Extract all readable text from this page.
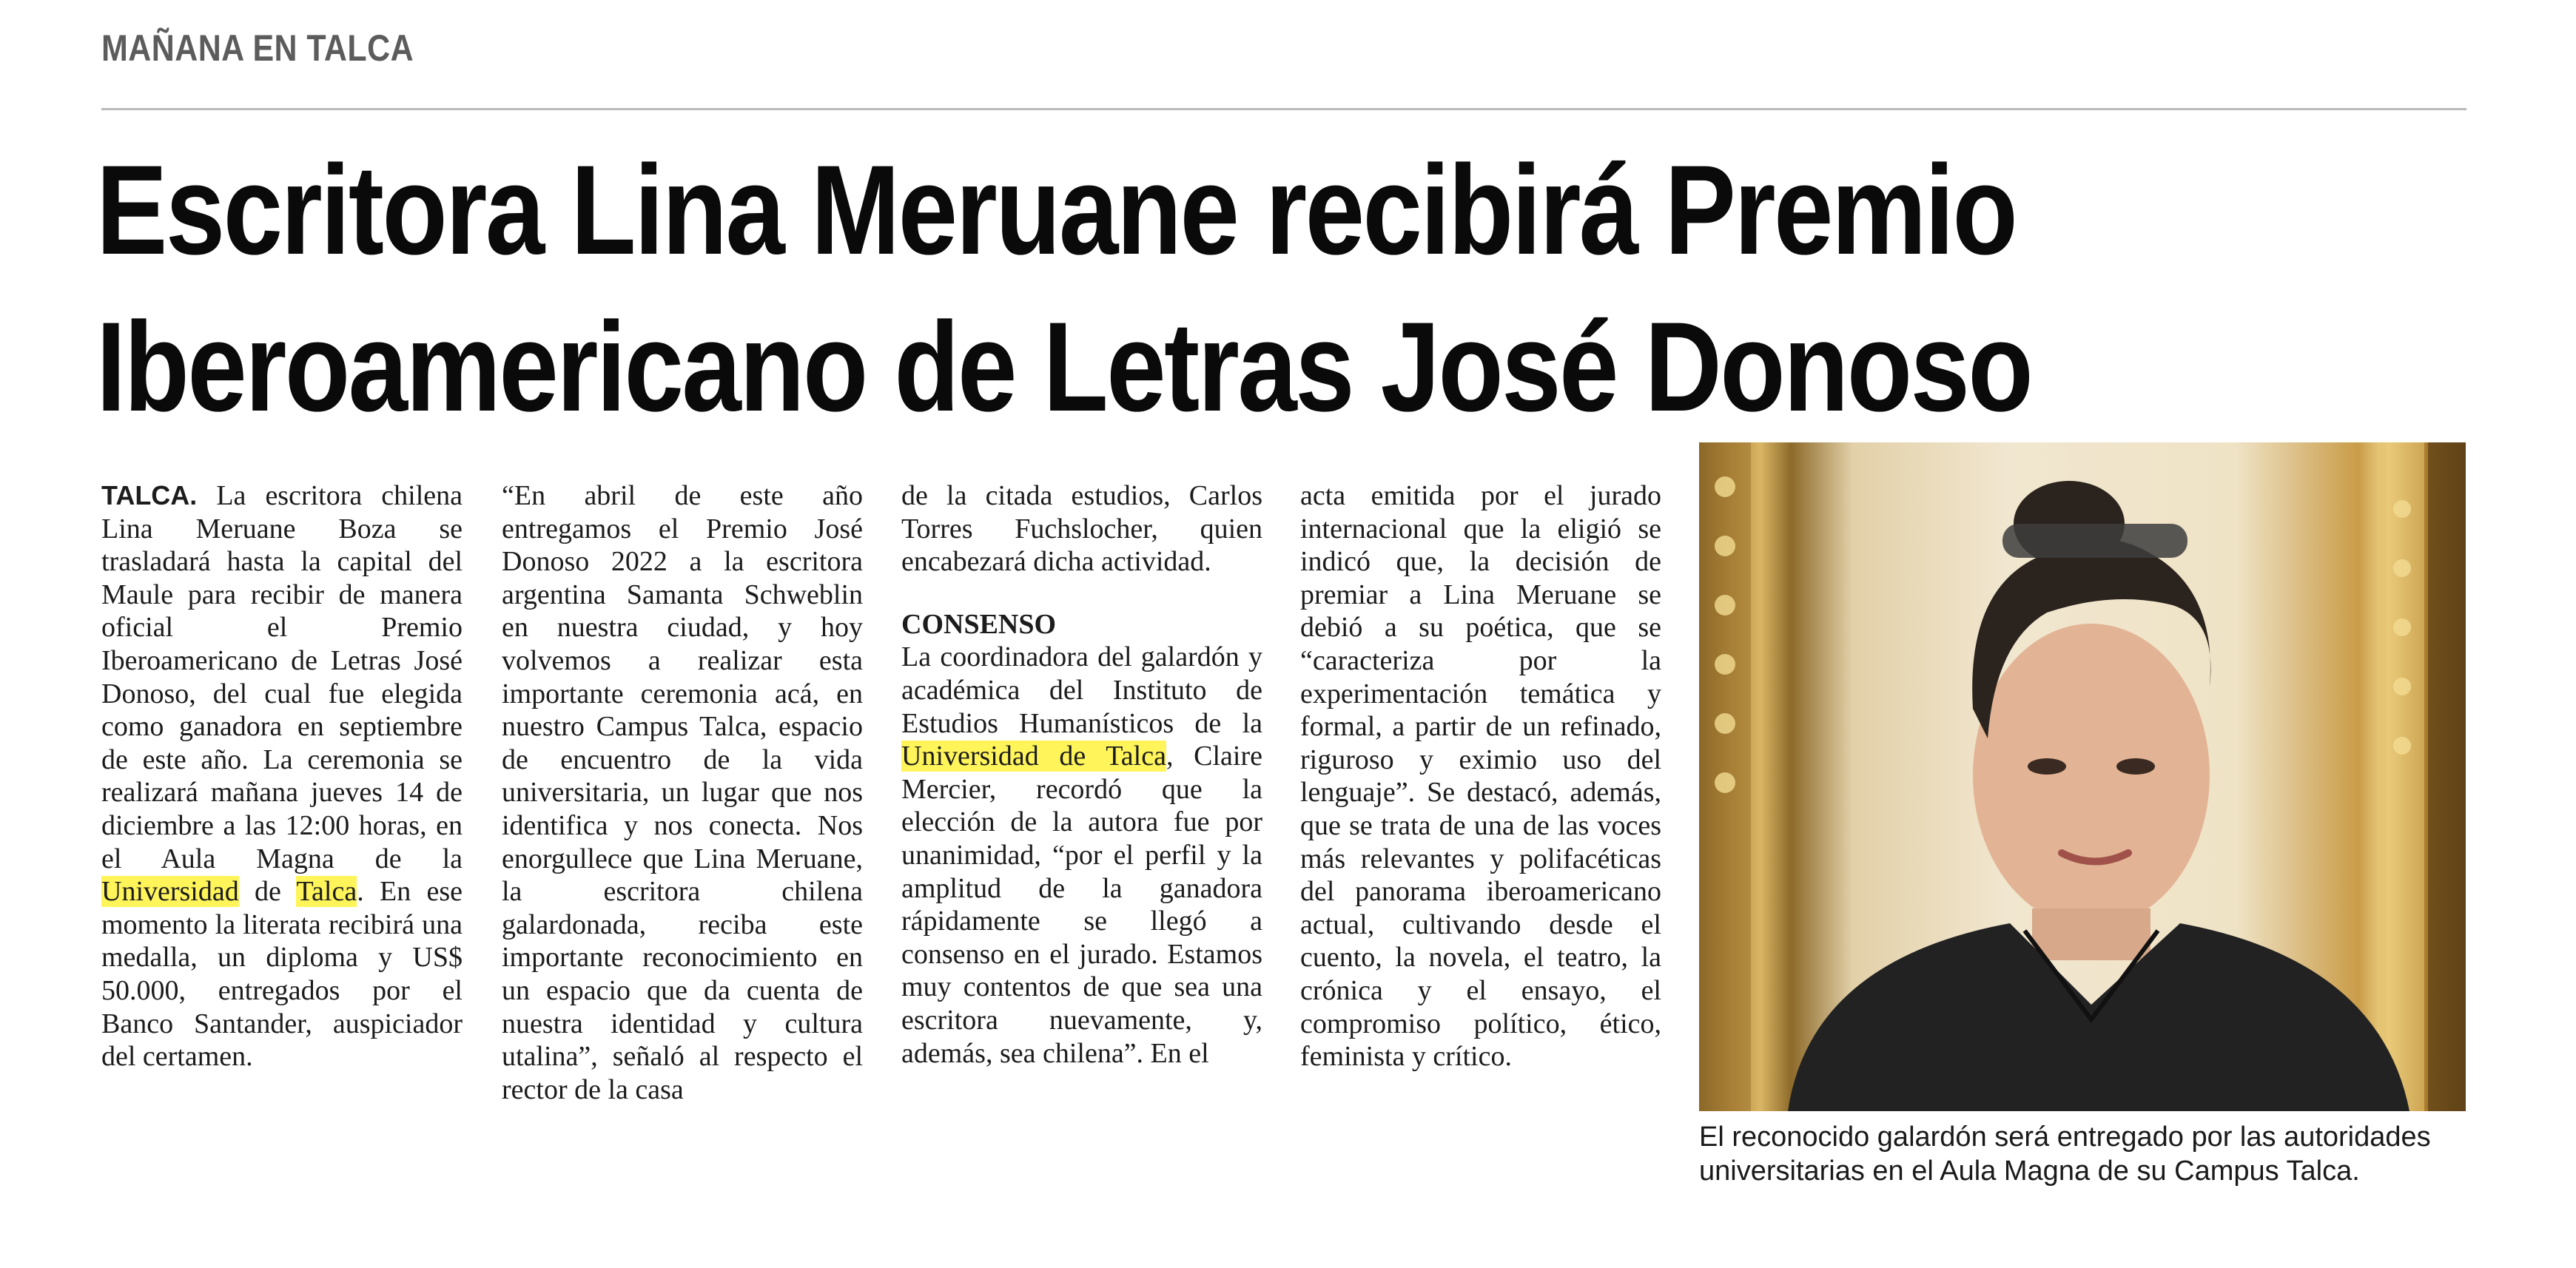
MAÑANA EN TALCA
Escritora Lina Meruane recibirá Premio
Iberoamericano de Letras José Donoso

TALCA. La escritora chilena Lina Meruane Boza se trasladará hasta la capital del Maule para recibir de manera oficial el Premio Iberoamericano de Letras José Donoso, del cual fue elegida como ganadora en septiembre de este año. La ceremonia se realizará mañana jueves 14 de diciembre a las 12:00 horas, en el Aula Magna de la Universidad de Talca. En ese momento la literata recibirá una medalla, un diploma y US$ 50.000, entregados por el Banco Santander, auspiciador del certamen.

“En abril de este año entregamos el Premio José Donoso 2022 a la escritora argentina Samanta Schweblin en nuestra ciudad, y hoy volvemos a realizar esta importante ceremonia acá, en nuestro Campus Talca, espacio de encuentro de la vida universitaria, un lugar que nos identifica y nos conecta. Nos enorgullece que Lina Meruane, la escritora chilena galardonada, reciba este importante reconocimiento en un espacio que da cuenta de nuestra identidad y cultura utalina”, señaló al respecto el rector de la casa

de la citada estudios, Carlos Torres Fuchslocher, quien encabezará dicha actividad.

CONSENSO

La coordinadora del galardón y académica del Instituto de Estudios Humanísticos de la Universidad de Talca, Claire Mercier, recordó que la elección de la autora fue por unanimidad, “por el perfil y la amplitud de la ganadora rápidamente se llegó a consenso en el jurado. Estamos muy contentos de que sea una escritora nuevamente, y, además, sea chilena”. En el

acta emitida por el jurado internacional que la eligió se indicó que, la decisión de premiar a Lina Meruane se debió a su poética, que se “caracteriza por la experimentación temática y formal, a partir de un refinado, riguroso y eximio uso del lenguaje”. Se destacó, además, que se trata de una de las voces más relevantes y polifacéticas del panorama iberoamericano actual, cultivando desde el cuento, la novela, el teatro, la crónica y el ensayo, el compromiso político, ético, feminista y crítico.

El reconocido galardón será entregado por las autoridades universitarias en el Aula Magna de su Campus Talca.
